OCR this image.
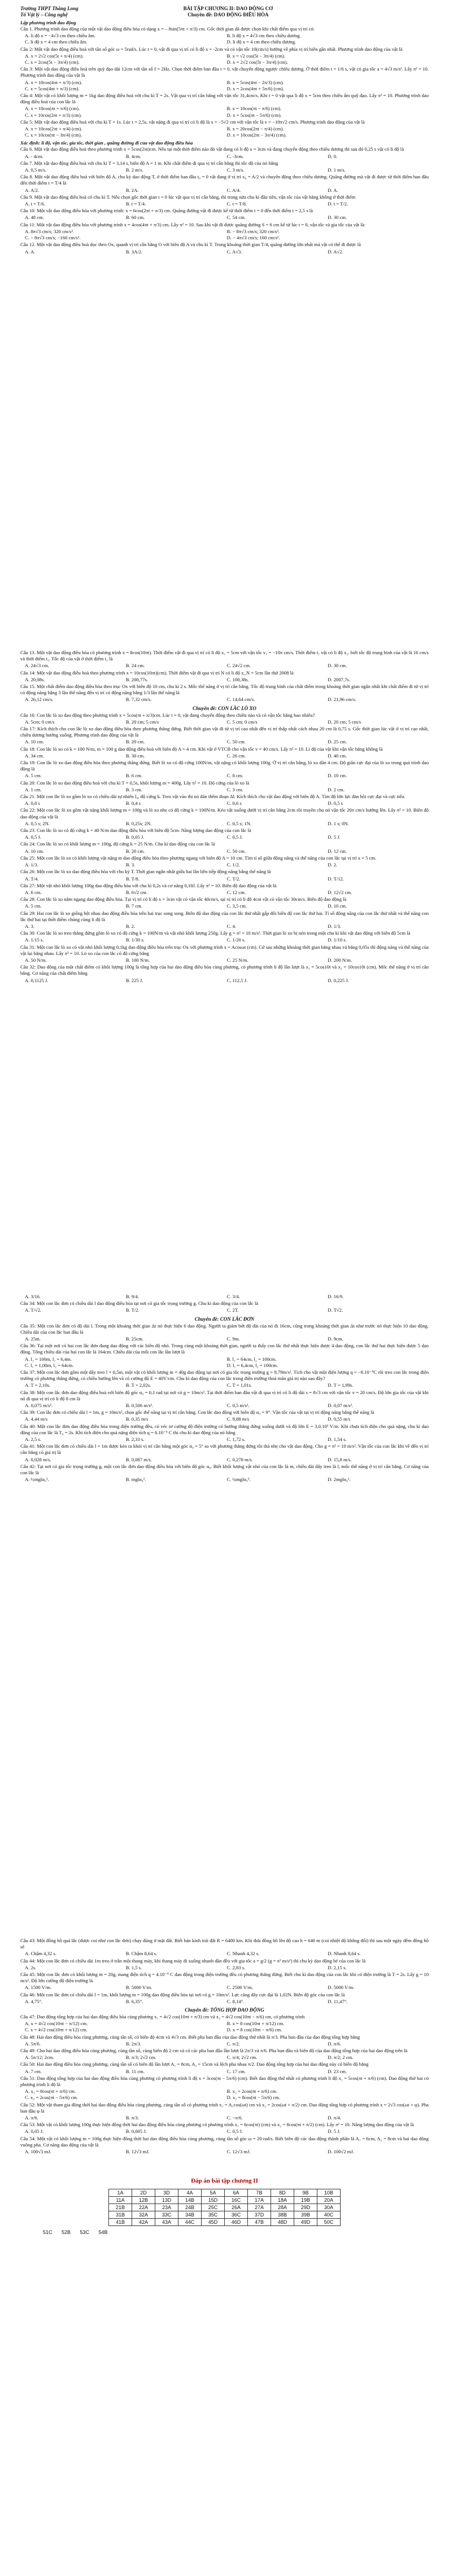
Trường THPT Thăng Long
Tổ Vật lý – Công nghệ
BÀI TẬP CHƯƠNG II: DAO ĐỘNG CƠ
Chuyên đề: DAO ĐỘNG ĐIỀU HÒA
Lập phương trình dao động

Câu 1. Phương trình dao động của một vật dao động điều hòa có dạng x = – 8sin(5πt + π/3) cm. Gốc thời gian đã được chọn khi chất điểm qua vị trí có:

A. li độ x = −4√3 cm theo chiều âm.	B. li độ x = 4√3 cm theo chiều dương.
C. li độ x = 4 cm theo chiều âm.	D. li độ x = 4 cm theo chiều dương.

Câu 2: Một vật dao động điều hoà với tần số góc ω = 5rad/s. Lúc t = 0, vật đi qua vị trí có li độ x = -2cm và có vận tốc 10(cm/s) hướng về phía vị trí biên gần nhất. Phương trình dao động của vật là

A. x = 2√2 cos(5t + π/4) (cm).	B. x = √2 cos(5t − 3π/4) (cm).
C. x = 2cos(5t − 3π/4) (cm).	D. x = 2√2 cos(5t − 3π/4) (cm).

Câu 3: Một vật dao động điều hoà trên quỹ đạo dài 12cm với tần số f = 2Hz. Chọn thời điểm ban đầu t = 0, vật chuyển động ngược chiều dương. Ở thời điểm t = 1/6 s, vật có gia tốc a = 4√3 m/s². Lấy π² = 10. Phương trình dao động của vật là

A. x = 10cos(4πt + π/3) (cm).	B. x = 5cos(4πt − 2π/3) (cm).
C. x = 5cos(4πt + π/3) (cm).	D. x = 2cos(4πt + 5π/6) (cm).

Câu 4: Một vật có khối lượng m = 1kg dao động điều hoà với chu kì T = 2s. Vật qua vị trí cân bằng với vận tốc 31,4cm/s. Khi t = 0 vật qua li độ x = 5cm theo chiều âm quỹ đạo. Lấy π² = 10. Phương trình dao động điều hoà của con lắc là

A. x = 10cos(πt + π/6) (cm).	B. x = 10cos(πt − π/6) (cm).
C. x = 10cos(2πt + π/3) (cm).	D. x = 5cos(πt − 5π/6) (cm).

Câu 5: Một vật dao động điều hoà với chu kì T = 1s. Lúc t = 2,5s, vật nặng đi qua vị trí có li độ là x = −5√2 cm với vận tốc là v = −10π√2 cm/s. Phương trình dao động của vật là

A. x = 10cos(2πt + π/4) (cm).	B. x = 20cos(2πt − π/4) (cm).
C. x = 10cos(πt − 3π/4) (cm).	D. x = 10cos(2πt − 3π/4) (cm).
Xác định: li độ, vận tốc, gia tốc, thời gian , quãng đường đi của vật dao động điều hòa

Câu 6. Một vật dao động điều hoà theo phương trình x = 5cos(2πt)cm. Nếu tại một thời điểm nào đó vật đang có li độ x = 3cm và đang chuyển động theo chiều dương thì sau đó 0,25 s vật có li độ là

A. - 4cm.	B. 4cm.	C. -3cm.	D. 0.

Câu 7. Một vật dao động điều hoà với chu kì T = 3,14 s, biên độ A = 1 m. Khi chất điểm đi qua vị trí cân bằng thì tốc độ của nó bằng

A. 0,5 m/s.	B. 2 m/s.	C. 3 m/s.	D. 1 m/s.

Câu 8. Một vật dao động điều hoà với biên độ A, chu kỳ dao động T, ở thời điểm ban đầu t₀ = 0 vật đang ở vị trí x₀ = A/2 và chuyển động theo chiều dương. Quãng đường mà vật đi được từ thời điểm ban đầu đến thời điểm t = T/4 là

A. A/2.	B. 2A.	C. A/4.	D. A.

Câu 9. Một vật dao động điều hoà có chu kì T. Nếu chọn gốc thời gian t = 0 lúc vật qua vị trí cân bằng, thì trong nửa chu kì đầu tiên, vận tốc của vật bằng không ở thời điểm

A. t = T/6.	B. t = T/4.	C. t = T/8.	D. t = T/2.

Câu 10: Một vật dao động điều hòa với phương trình: x = 6cos(2πt + π/3) cm. Quãng đường vật đi được kể từ thời điểm t = 0 đến thời điểm t = 2,5 s là

A. 48 cm.	B. 60 cm.	C. 54 cm.	D. 30 cm.

Câu 11: Một vật dao động điều hòa với phương trình x = 4cos(4πt + π/3) cm. Lấy π² = 10. Sau khi vật đi được quãng đường S = 6 cm kể từ lúc t = 0, vận tốc và gia tốc của vật là:

A. 8π√3 cm/s; 320 cm/s².	B. − 8π√3 cm/s; 320 cm/s².
C. − 8π√3 cm/s; −160 cm/s².	D. − 4π√3 cm/s; 160 cm/s².

Câu 12. Một vật dao động điều hoà dọc theo Ox, quanh vị trí cân bằng O với biên độ A và chu kì T. Trong khoảng thời gian T/4, quãng đường lớn nhất mà vật có thể đi được là

A. A.	B. 3A/2.	C. A√3.	D. A√2.

Câu 13. Một vật dao động điều hòa có phương trình x = 8cos(10πt). Thời điểm vật đi qua vị trí có li độ x₁ = 5cm với vận tốc v₁ = −10π cm/s. Thời điểm t₁ vật có li độ x₂. biết tốc độ trung bình của vật là 16 cm/s và thời điểm t₁. Tốc độ của vật ở thời điểm t₂ là

A. 24√3 cm.	B. 24 cm.	C. 24√2 cm.	D. 30 cm.

Câu 14: Một vật dao động điều hoà theo phương trình x = 10cos(10πt)(cm). Thời điểm vật đi qua vị trí N có li độ x_N = 5cm lần thứ 2008 là

A. 20,08s.	B. 200,77s.	C. 100,38s.	D. 2007,7s.

Câu 15. Một chất điểm dao động điều hòa theo trục Ox với biên độ 10 cm, chu kì 2 s. Mốc thế năng ở vị trí cân bằng. Tốc độ trung bình của chất điểm trong khoảng thời gian ngắn nhất khi chất điểm đi từ vị trí có động năng bằng 3 lần thế năng đến vị trí có động năng bằng 1/3 lần thế năng là

A. 26,12 cm/s.	B. 7,32 cm/s.	C. 14,64 cm/s.	D. 21,96 cm/s.
Chuyên đề: CON LẮC LÒ XO

Câu 16: Con lắc lò xo dao động theo phương trình x = 5cos(πt + π/3)cm. Lúc t = 0, vật đang chuyển động theo chiều nào và có vận tốc bằng bao nhiêu?

A. 5cm; 0 cm/s	B. 20 cm; 5 cm/s	C. 5 cm; 0 cm/s	D. 20 cm; 5 cm/s

Câu 17: Kích thích cho con lắc lò xo dao động điều hòa theo phương thẳng đứng. Biết thời gian vật đi từ vị trí cao nhất đến vị trí thấp nhất cách nhau 20 cm là 0,75 s. Gốc thời gian lúc vật ở vị trí cao nhất, chiều dương hướng xuống. Phương trình dao động của vật là

A. 10 cm.	B. 20 cm.	C. 50 cm.	D. 25 cm.

Câu 18: Con lắc lò xo có k = 100 N/m, m = 100 g dao động điều hoà với biên độ A = 4 cm. Khi vật ở VTCB cho vận tốc v = 40 cm/s. Lấy π² = 10. Li độ của vật khi vận tốc bằng không là

A. 34 cm.	B. 30 cm.	C. 26 cm.	D. 40 cm.

Câu 19: Con lắc lò xo dao động điều hòa theo phương thẳng đứng. Biết lò xo có độ cứng 100N/m, vật nặng có khối lượng 100g. Ở vị trí cân bằng, lò xo dãn 4 cm. Độ giãn cực đại của lò xo trong quá trình dao động là

A. 5 cm.	B. 6 cm.	C. 8 cm.	D. 10 cm.

Câu 20: Con lắc lò xo dao động điều hoà với chu kì T = 0,5s, khối lượng m = 400g. Lấy π² = 10. Độ cứng của lò xo là

A. 1 cm.	B. 3 cm.	C. 3 cm.	D. 2 cm.

Câu 21: Một con lắc lò xo gồm lò xo có chiều dài tự nhiên l₀, độ cứng k. Treo vật vào thì nó dãn thêm đoạn Δl. Kích thích cho vật dao động với biên độ A. Tìm độ lớn lực đàn hồi cực đại và cực tiểu.

A. 0,8 s	B. 0,4 s	C. 0,6 s	D. 0,5 s

Câu 22: Một con lắc lò xo gồm vật nặng khối lượng m = 100g và lò xo nhẹ có độ cứng k = 100N/m. Kéo vật xuống dưới vị trí cân bằng 2cm rồi truyền cho nó vận tốc 20π cm/s hướng lên. Lấy π² = 10. Biên độ dao động của vật là

A. 0,5 s; 2N.	B. 0,25s; 2N.	C. 0,5 s; 1N.	D. 1 s; 0N.

Câu 23: Con lắc lò xo có độ cứng k = 40 N/m dao động điều hòa với biên độ 5cm. Năng lượng dao động của con lắc là

A. 0,5 J.	B. 0,05 J.	C. 0,5 J.	D. 5 J.

Câu 24: Con lắc lò xo có khối lượng m = 100g, độ cứng k = 25 N/m. Chu kì dao động của con lắc là

A. 10 cm.	B. 20 cm.	C. 50 cm.	D. 12 cm.

Câu 25: Một con lắc lò xo có khối lượng vật nặng m dao động điều hòa theo phương ngang với biên độ A = 10 cm. Tìm tỉ số giữa động năng và thế năng của con lắc tại vị trí x = 5 cm.

A. 1/3.	B. 3.	C. 1/2.	D. 2.

Câu 26: Một con lắc lò xo dao động điều hòa với chu kỳ T. Thời gian ngắn nhất giữa hai lần liên tiếp động năng bằng thế năng là

A. T/4.	B. T/8.	C. T/2.	D. T/12.

Câu 27: Một vật nhỏ khối lượng 100g dao động điều hòa với chu kì 0,2s và cơ năng 0,18J. Lấy π² = 10. Biên độ dao động của vật là

A. 6 cm.	B. 6√2 cm.	C. 12 cm.	D. 12√2 cm.

Câu 28: Con lắc lò xo nằm ngang dao động điều hòa. Tại vị trí có li độ x = 3cm vật có vận tốc 40cm/s, tại vị trí có li độ 4cm vật có vận tốc 30cm/s. Biên độ dao động là

A. 5 cm.	B. 7 cm.	C. 3,5 cm.	D. 10 cm.

Câu 29: Hai con lắc lò xo giống hệt nhau dao động điều hòa trên hai trục song song. Biên độ dao động của con lắc thứ nhất gấp đôi biên độ con lắc thứ hai. Tỉ số động năng của con lắc thứ nhất và thế năng con lắc thứ hai tại thời điểm chúng cùng li độ là

A. 3.	B. 2.	C. 4.	D. 1/3.

Câu 30: Con lắc lò xo treo thẳng đứng gồm lò xo có độ cứng k = 100N/m và vật nhỏ khối lượng 250g. Lấy g = π² = 10 m/s². Thời gian lò xo bị nén trong một chu kì khi vật dao động với biên độ 5cm là

A. 1/15 s.	B. 1/30 s.	C. 1/20 s.	D. 1/10 s.

Câu 31: Một con lắc lò xo có vật nhỏ khối lượng 0,1kg dao động điều hòa trên trục Ox với phương trình x = Acosωt (cm). Cứ sau những khoảng thời gian bằng nhau và bằng 0,05s thì động năng và thế năng của vật lại bằng nhau. Lấy π² = 10. Lò xo của con lắc có độ cứng bằng

A. 50 N/m.	B. 100 N/m.	C. 25 N/m.	D. 200 N/m.

Câu 32: Dao động của một chất điểm có khối lượng 100g là tổng hợp của hai dao động điều hòa cùng phương, có phương trình li độ lần lượt là x₁ = 5cos10t và x₂ = 10cos10t (cm). Mốc thế năng ở vị trí cân bằng. Cơ năng của chất điểm bằng

A. 0,1125 J.	B. 225 J.	C. 112,5 J.	D. 0,225 J.
A. 3/16.	B. 9/4.	C. 3/4.	D. 16/9.

Câu 34: Một con lắc đơn có chiều dài l dao động điều hòa tại nơi có gia tốc trọng trường g. Chu kì dao động của con lắc là

A. T/√2.	B. T/2.	C. 2T.	D. T√2.
Chuyên đề: CON LẮC ĐƠN

Câu 35: Một con lắc đơn có độ dài l. Trong một khoảng thời gian Δt nó thực hiện 6 dao động. Người ta giảm bớt độ dài của nó đi 16cm, cũng trong khoảng thời gian Δt như trước nó thực hiện 10 dao động. Chiều dài của con lắc ban đầu là

A. 25m.	B. 25cm.	C. 9m.	D. 9cm.

Câu 36: Tại một nơi có hai con lắc đơn đang dao động với các biên độ nhỏ. Trong cùng một khoảng thời gian, người ta thấy con lắc thứ nhất thực hiện được 4 dao động, con lắc thứ hai thực hiện được 5 dao động. Tổng chiều dài của hai con lắc là 164cm. Chiều dài của mỗi con lắc lần lượt là

A. l₁ = 100m, l₂ = 6,4m.	B. l₁ = 64cm, l₂ = 100cm.
C. l₁ = 1,00m, l₂ = 64cm.	D. l₁ = 6,4cm, l₂ = 100cm.

Câu 37: Một con lắc đơn gồm một dây treo l = 0,5m, một vật có khối lượng m = 40g dao động tại nơi có gia tốc trọng trường g = 9,79m/s². Tích cho vật một điện lượng q = −8.10⁻⁵C rồi treo con lắc trong điện trường có phương thẳng đứng, có chiều hướng lên và có cường độ E = 40V/cm. Chu kì dao động của con lắc trong điện trường thoả mãn giá trị nào sau đây?

A. T = 2,10s.	B. T = 2,02s.	C. T = 1,01s.	D. T = 1,99s.

Câu 38: Một con lắc đơn dao động điều hoà với biên độ góc α₀ = 0,1 rad tại nơi có g = 10m/s². Tại thời điểm ban đầu vật đi qua vị trí có li độ dài s = 8√3 cm với vận tốc v = 20 cm/s. Độ lớn gia tốc của vật khi nó đi qua vị trí có li độ 8 cm là

A. 0,075 m/s².	B. 0,506 m/s².	C. 0,5 m/s².	D. 0,07 m/s².

Câu 39: Con lắc đơn có chiều dài l = 1m, g = 10m/s², chọn gốc thế năng tại vị trí cân bằng. Con lắc dao động với biên độ α₀ = 9°. Vận tốc của vật tại vị trí động năng bằng thế năng là

A. 4,44 m/s	B. 0,35 m/s	C. 9,88 m/s	D. 0,55 m/s

Câu 40: Một con lắc đơn dao động điều hòa trong điện trường đều, có véc tơ cường độ điện trường có hướng thẳng đứng xuống dưới và độ lớn E = 3,0.10³ V/m. Khi chưa tích điện cho quả nặng, chu kì dao động của con lắc là T₀ = 2s. Khi tích điện cho quả nặng điện tích q = 6.10⁻⁵ C thì chu kì dao động của nó bằng

A. 2,5 s.	B. 2,33 s.	C. 1,72 s.	D. 1,54 s.

Câu 41: Một con lắc đơn có chiều dài l = 1m được kéo ra khỏi vị trí cân bằng một góc α₀ = 5° so với phương thẳng đứng rồi thả nhẹ cho vật dao động. Cho g = π² = 10 m/s². Vận tốc của con lắc khi về đến vị trí cân bằng có giá trị là

A. 0,028 m/s.	B. 0,087 m/s.	C. 0,278 m/s.	D. 15,8 m/s.

Câu 42: Tại nơi có gia tốc trọng trường g, một con lắc đơn dao động điều hòa với biên độ góc α₀. Biết khối lượng vật nhỏ của con lắc là m, chiều dài dây treo là l, mốc thế năng ở vị trí cân bằng. Cơ năng của con lắc là

A. ½mglα₀².	B. mglα₀².	C. ¼mglα₀².	D. 2mglα₀².

Câu 43: Một đồng hồ quả lắc (được coi như con lắc đơn) chạy đúng ở mặt đất. Biết bán kính trái đất R = 6400 km. Khi đưa đồng hồ lên độ cao h = 640 m (coi nhiệt độ không đổi) thì sau một ngày đêm đồng hồ sẽ

A. Chậm 4,32 s.	B. Chậm 8,64 s.	C. Nhanh 4,32 s.	D. Nhanh 8,64 s.

Câu 44: Một con lắc đơn có chiều dài 1m treo ở trần một thang máy, khi thang máy đi xuống nhanh dần đều với gia tốc a = g/2 (g = π² m/s²) thì chu kỳ dao động bé của con lắc là

A. 2s.	B. 1,5 s.	C. 2,83 s.	D. 2,15 s.

Câu 45: Một con lắc đơn có khối lượng m = 20g, mang điện tích q = 4.10⁻⁵ C dao động trong điện trường đều có phương thẳng đứng. Biết chu kì dao động của con lắc khi có điện trường là T = 2s. Lấy g = 10 m/s². Độ lớn cường độ điện trường là

A. 1500 V/m.	B. 5000 V/m.	C. 2500 V/m.	D. 5000 V/m.

Câu 46: Một con lắc đơn có chiều dài l = 1m, khối lượng m = 100g dao động điều hòa tại nơi có g = 10m/s². Lực căng dây cực đại là 1,02N. Biên độ góc của con lắc là

A. 4,75°.	B. 6,35°.	C. 8,14°.	D. 11,47°.
Chuyên đề: TỔNG HỢP DAO ĐỘNG

Câu 47: Dao động tổng hợp của hai dao động điều hòa cùng phương x₁ = 4√2 cos(10πt + π/3) cm và x₂ = 4√2 cos(10πt − π/6) cm, có phương trình

A. x = 4√2 cos(10πt − π/12) cm.	B. x = 8 cos(10πt + π/12) cm.
C. x = 4√2 cos(10πt + π/12) cm.	D. x = 8 cos(10πt − π/6) cm.

Câu 48: Hai dao động điều hòa cùng phương, cùng tần số, có biên độ 4cm và 4√3 cm. Biết pha ban đầu của dao động thứ nhất là π/3. Pha ban đầu của dao động tổng hợp bằng

A. 5π/6.	B. 2π/3.	C. π/2.	D. π/6.

Câu 49: Cho hai dao động điều hòa cùng phương, cùng tần số, cùng biên độ 2 cm và có các pha ban đầu lần lượt là 2π/3 và π/6. Pha ban đầu và biên độ của dao động tổng hợp của hai dao động trên là

A. 5π/12; 2cm.	B. π/3; 2√2 cm.	C. π/4; 2√2 cm.	D. π/2; 2 cm.

Câu 50: Hai dao động điều hòa cùng phương, cùng tần số có biên độ lần lượt A₁ = 8cm, A₂ = 15cm và lệch pha nhau π/2. Dao động tổng hợp của hai dao động này có biên độ bằng

A. 7 cm.	B. 11 cm.	C. 17 cm.	D. 23 cm.

Câu 51: Dao động tổng hợp của hai dao động điều hòa cùng phương có phương trình li độ x = 3cos(πt − 5π/6) (cm). Biết dao động thứ nhất có phương trình li độ x₁ = 5cos(πt + π/6) (cm). Dao động thứ hai có phương trình li độ là

A. x₂ = 8cos(πt + π/6) cm.	B. x₂ = 2cos(πt + π/6) cm.
C. x₂ = 2cos(πt − 5π/6) cm.	D. x₂ = 8cos(πt − 5π/6) cm.

Câu 52: Một vật tham gia đồng thời hai dao động điều hòa cùng phương, cùng tần số có phương trình x₁ = A₁cos(ωt) cm và x₂ = 2cos(ωt + π/2) cm. Dao động tổng hợp có phương trình x = 2√3 cos(ωt + φ). Pha ban đầu φ là

A. π/6.	B. π/3.	C. −π/6.	D. π/4.

Câu 53: Một vật có khối lượng 100g thực hiện đồng thời hai dao động điều hòa cùng phương có phương trình x₁ = 6cos(πt) (cm) và x₂ = 8cos(πt + π/2) (cm). Lấy π² = 10. Năng lượng dao động của vật là

A. 0,05 J.	B. 0,005 J.	C. 0,5 J.	D. 5 J.

Câu 54: Một vật có khối lượng m = 100g thực hiện đồng thời hai dao động điều hòa cùng phương, cùng tần số góc ω = 20 rad/s. Biết biên độ các dao động thành phần là A₁ = 6cm, A₂ = 8cm và hai dao động vuông pha. Cơ năng dao động của vật là

A. 100√3 mJ.	B. 12√3 mJ.	C. 12√3 mJ.	D. 100√2 mJ.
Đáp án bài tập chương II
1A	2D	3D	4A	5A	6A	7B	8D	9B	10B
11A	12B	13D	14B	15D	16C	17A	18A	19B	20A
21B	22A	23A	24B	25C	26A	27A	28A	29D	30A
31B	32A	33C	34B	35C	36C	37D	38B	39B	40C
41B	42A	43A	44C	45D	46D	47B	48D	49D	50C
51C 52B 53C 54B
